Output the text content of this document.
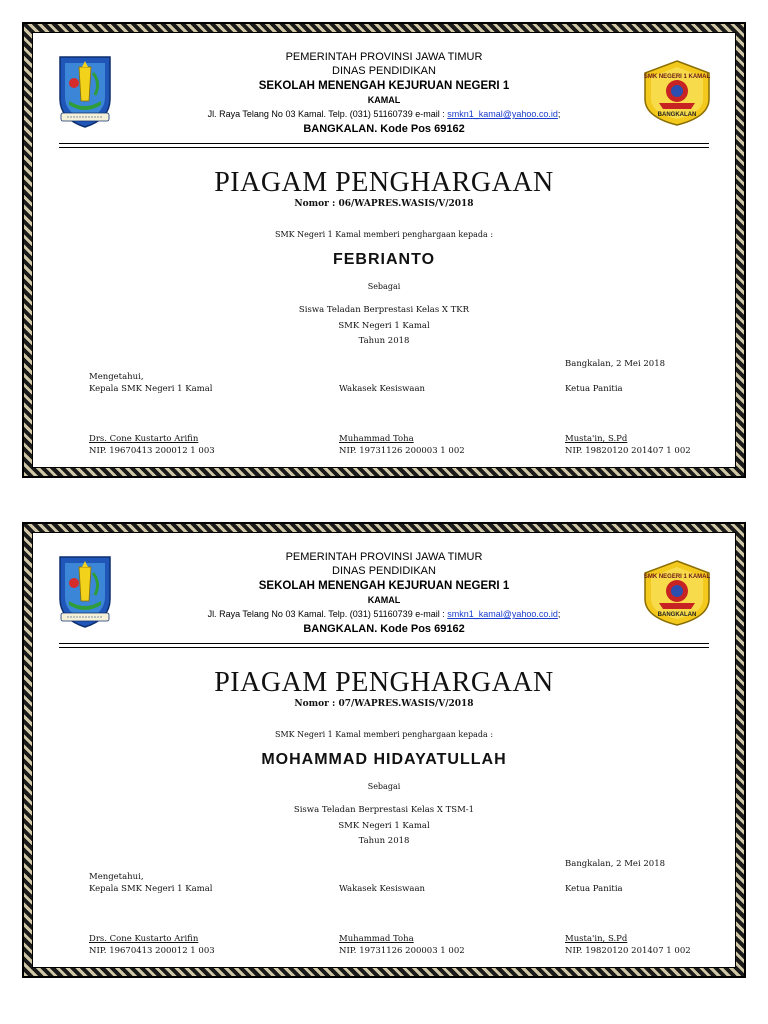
SMK NEGERI 1 KAMAL
BANGKALAN
PEMERINTAH PROVINSI JAWA TIMUR
DINAS PENDIDIKAN
SEKOLAH MENENGAH KEJURUAN NEGERI 1
KAMAL
Jl. Raya Telang No 03 Kamal. Telp. (031) 51160739 e-mail : smkn1_kamal@yahoo.co.id;
BANGKALAN. Kode Pos 69162
PIAGAM PENGHARGAAN
Nomor : 06/WAPRES.WASIS/V/2018
SMK Negeri 1 Kamal memberi penghargaan kepada :
FEBRIANTO
Sebagai
Siswa Teladan Berprestasi Kelas X TKR
SMK Negeri 1 Kamal
Tahun 2018
Bangkalan, 2 Mei 2018
Mengetahui,
Kepala SMK Negeri 1 Kamal
Drs. Cone Kustarto Arifin
NIP. 19670413 200012 1 003
Wakasek Kesiswaan
Muhammad Toha
NIP. 19731126 200003 1 002
Ketua Panitia
Musta'in, S.Pd
NIP. 19820120 201407 1 002
SMK NEGERI 1 KAMAL
BANGKALAN
PEMERINTAH PROVINSI JAWA TIMUR
DINAS PENDIDIKAN
SEKOLAH MENENGAH KEJURUAN NEGERI 1
KAMAL
Jl. Raya Telang No 03 Kamal. Telp. (031) 51160739 e-mail : smkn1_kamal@yahoo.co.id;
BANGKALAN. Kode Pos 69162
PIAGAM PENGHARGAAN
Nomor : 07/WAPRES.WASIS/V/2018
SMK Negeri 1 Kamal memberi penghargaan kepada :
MOHAMMAD HIDAYATULLAH
Sebagai
Siswa Teladan Berprestasi Kelas X TSM-1
SMK Negeri 1 Kamal
Tahun 2018
Bangkalan, 2 Mei 2018
Mengetahui,
Kepala SMK Negeri 1 Kamal
Drs. Cone Kustarto Arifin
NIP. 19670413 200012 1 003
Wakasek Kesiswaan
Muhammad Toha
NIP. 19731126 200003 1 002
Ketua Panitia
Musta'in, S.Pd
NIP. 19820120 201407 1 002
